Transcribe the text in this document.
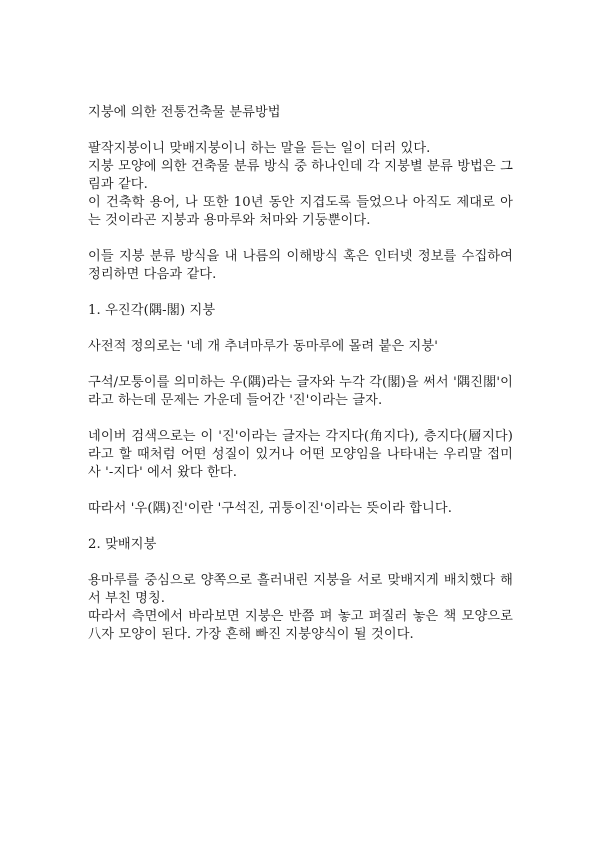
지붕에 의한 전통건축물 분류방법

팔작지붕이니 맞배지붕이니 하는 말을 듣는 일이 더러 있다.

지붕 모양에 의한 건축물 분류 방식 중 하나인데 각 지붕별 분류 방법은 그림과 같다.

이 건축학 용어, 나 또한 10년 동안 지겹도록 들었으나 아직도 제대로 아는 것이라곤 지붕과 용마루와 처마와 기둥뿐이다.

이들 지붕 분류 방식을 내 나름의 이해방식 혹은 인터넷 정보를 수집하여 정리하면 다음과 같다.

1. 우진각(隅-閣) 지붕

사전적 정의로는 '네 개 추녀마루가 동마루에 몰려 붙은 지붕'

구석/모퉁이를 의미하는 우(隅)라는 글자와 누각 각(閣)을 써서 '隅진閣'이라고 하는데 문제는 가운데 들어간 '진'이라는 글자.

네이버 검색으로는 이 '진'이라는 글자는 각지다(角지다), 층지다(層지다)라고 할 때처럼 어떤 성질이 있거나 어떤 모양임을 나타내는 우리말 접미사 '-지다' 에서 왔다 한다.

따라서 '우(隅)진'이란 '구석진, 귀퉁이진'이라는 뜻이라 합니다.

2. 맞배지붕

용마루를 중심으로 양쪽으로 흘러내린 지붕을 서로 맞배지게 배치했다 해서 부친 명칭.

따라서 측면에서 바라보면 지붕은 반쯤 펴 놓고 퍼질러 놓은 책 모양으로 八자 모양이 된다. 가장 흔해 빠진 지붕양식이 될 것이다.
